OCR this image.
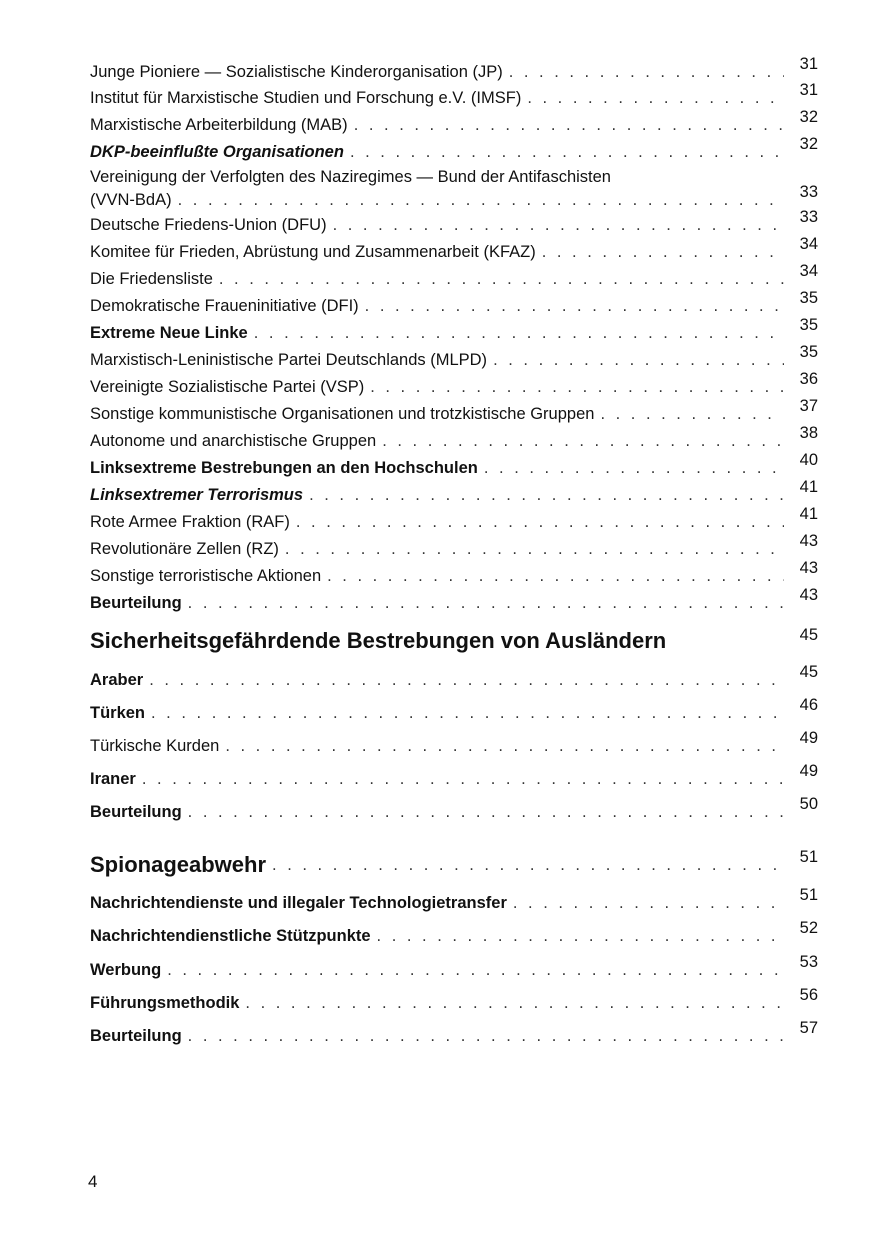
Junge Pioniere — Sozialistische Kinderorganisation (JP) . . .	31
Institut für Marxistische Studien und Forschung e.V. (IMSF) . . .	31
Marxistische Arbeiterbildung (MAB) . . .	32
DKP-beeinflußte Organisationen . . .	32
Vereinigung der Verfolgten des Naziregimes — Bund der Antifaschisten
(VVN-BdA) . . .	33
Deutsche Friedens-Union (DFU) . . .	33
Komitee für Frieden, Abrüstung und Zusammenarbeit (KFAZ) . . .	34
Die Friedensliste . . .	34
Demokratische Fraueninitiative (DFI) . . .	35
Extreme Neue Linke . . .	35
Marxistisch-Leninistische Partei Deutschlands (MLPD) . . .	35
Vereinigte Sozialistische Partei (VSP) . . .	36
Sonstige kommunistische Organisationen und trotzkistische Gruppen . . .	37
Autonome und anarchistische Gruppen . . .	38
Linksextreme Bestrebungen an den Hochschulen . . .	40
Linksextremer Terrorismus . . .	41
Rote Armee Fraktion (RAF) . . .	41
Revolutionäre Zellen (RZ) . . .	43
Sonstige terroristische Aktionen . . .	43
Beurteilung . . .	43
Sicherheitsgefährdende Bestrebungen von Ausländern	45
Araber . . .	45
Türken . . .	46
Türkische Kurden . . .	49
Iraner . . .	49
Beurteilung . . .	50
Spionageabwehr . . .	51
Nachrichtendienste und illegaler Technologietransfer . . .	51
Nachrichtendienstliche Stützpunkte . . .	52
Werbung . . .	53
Führungsmethodik . . .	56
Beurteilung . . .	57
4
